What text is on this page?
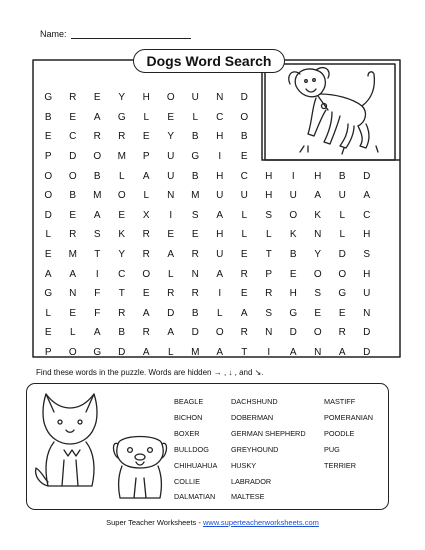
Name:
Dogs Word Search
G	R	E	Y	H	O	U	N	D
B	E	A	G	L	E	L	C	O
E	C	R	R	E	Y	B	H	B
P	D	O	M	P	U	G	I	E
O	O	B	L	A	U	B	H	C	H	I	H	B	D
O	B	M	O	L	N	M	U	U	H	U	A	U	A
D	E	A	E	X	I	S	A	L	S	O	K	L	C
L	R	S	K	R	E	E	H	L	L	K	N	L	H
E	M	T	Y	R	A	R	U	E	T	B	Y	D	S
A	A	I	C	O	L	N	A	R	P	E	O	O	H
G	N	F	T	E	R	R	I	E	R	H	S	G	U
L	E	F	R	A	D	B	L	A	S	G	E	E	N
E	L	A	B	R	A	D	O	R	N	D	O	R	D
P	O	G	D	A	L	M	A	T	I	A	N	A	D
Find these words in the puzzle. Words are hidden → , ↓ , and ↘.
BEAGLE
BICHON
BOXER
BULLDOG
CHIHUAHUA
COLLIE
DALMATIAN
DACHSHUND
DOBERMAN
GERMAN SHEPHERD
GREYHOUND
HUSKY
LABRADOR
MALTESE
MASTIFF
POMERANIAN
POODLE
PUG
TERRIER
Super Teacher Worksheets - www.superteacherworksheets.com
